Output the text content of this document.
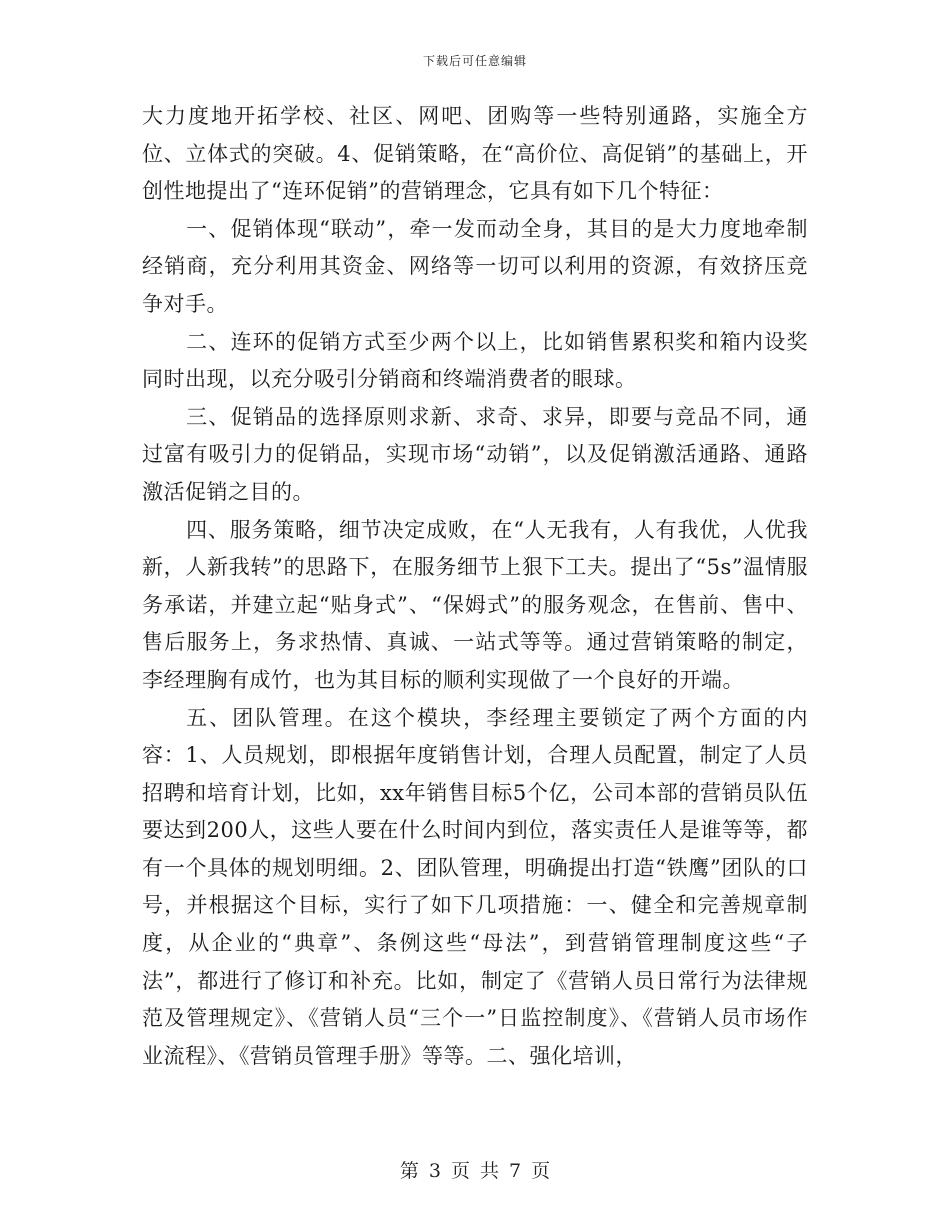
下载后可任意编辑

大力度地开拓学校、社区、网吧、团购等一些特别通路，实施全方位、立体式的突破。4、促销策略，在“高价位、高促销”的基础上，开创性地提出了“连环促销”的营销理念，它具有如下几个特征：

一、促销体现“联动”，牵一发而动全身，其目的是大力度地牵制经销商，充分利用其资金、网络等一切可以利用的资源，有效挤压竞争对手。

二、连环的促销方式至少两个以上，比如销售累积奖和箱内设奖同时出现，以充分吸引分销商和终端消费者的眼球。

三、促销品的选择原则求新、求奇、求异，即要与竞品不同，通过富有吸引力的促销品，实现市场“动销”，以及促销激活通路、通路激活促销之目的。

四、服务策略，细节决定成败，在“人无我有，人有我优，人优我新，人新我转”的思路下，在服务细节上狠下工夫。提出了“5s”温情服务承诺，并建立起“贴身式”、“保姆式”的服务观念，在售前、售中、售后服务上，务求热情、真诚、一站式等等。通过营销策略的制定，李经理胸有成竹，也为其目标的顺利实现做了一个良好的开端。

五、团队管理。在这个模块，李经理主要锁定了两个方面的内容：1、人员规划，即根据年度销售计划，合理人员配置，制定了人员招聘和培育计划，比如，xx年销售目标5个亿，公司本部的营销员队伍要达到200人，这些人要在什么时间内到位，落实责任人是谁等等，都有一个具体的规划明细。2、团队管理，明确提出打造“铁鹰”团队的口号，并根据这个目标，实行了如下几项措施：一、健全和完善规章制度，从企业的“典章”、条例这些“母法”，到营销管理制度这些“子法”，都进行了修订和补充。比如，制定了《营销人员日常行为法律规范及管理规定》、《营销人员“三个一”日监控制度》、《营销人员市场作业流程》、《营销员管理手册》等等。二、强化培训，

第 3 页 共 7 页
